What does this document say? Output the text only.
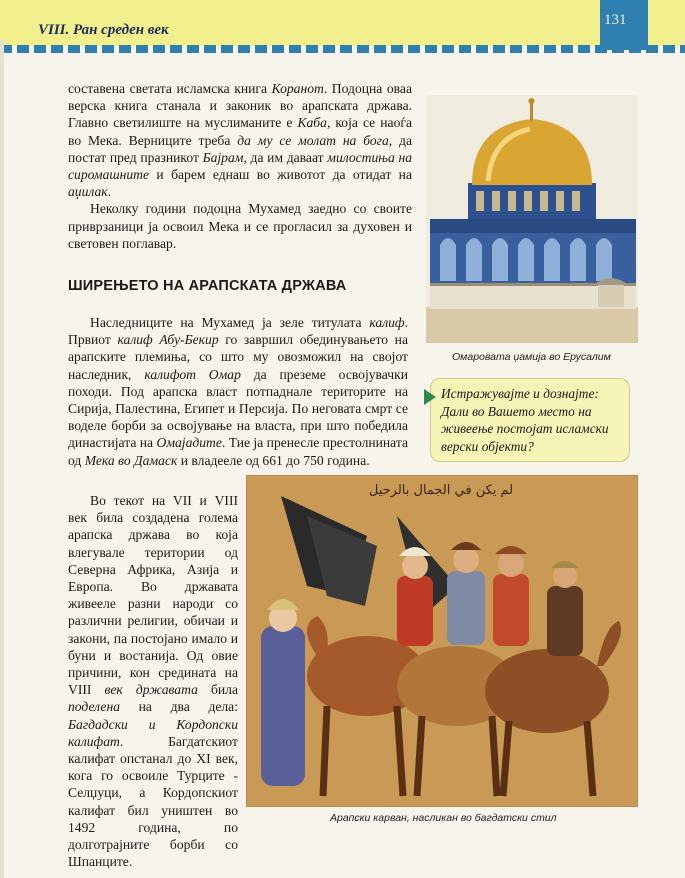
VIII. Ран среден век
131

составена светата исламска книга Коранот. Подоцна оваа верска книга станала и законик во арапската држава. Главно светилиште на муслиманите е Каба, која се наоѓа во Мека. Верниците треба да му се молат на бога, да постат пред празникот Бајрам, да им даваат милостиња на сиромашните и барем еднаш во животот да отидат на аџилак.

Неколку години подоцна Мухамед заедно со своите приврзаници ја освоил Мека и се прогласил за духовен и световен поглавар.

ШИРЕЊЕТО НА АРАПСКАТА ДРЖАВА

Наследниците на Мухамед ја зеле титулата калиф. Првиот калиф Абу-Бекир го завршил обединувањето на арапските племиња, со што му овозможил на својот наследник, калифот Омар да преземе освојувачки походи. Под арапска власт потпаднале територите на Сирија, Палестина, Египет и Персија. По неговата смрт се воделе борби за освојување на власта, при што победила династијата на Омајадите. Тие ја пренесле престолнината од Мека во Дамаск и владееле од 661 до 750 година.

Во текот на VII и VIII век била создадена голема арапска држава во која влегувале територии од Северна Африка, Азија и Европа. Во државата живееле разни народи со различни религии, обичаи и закони, па постојано имало и буни и востанија. Од овие причини, кон средината на VIII век државата била поделена на два дела: Багдадски и Кордопски калифат. Багдатскиот калифат опстанал до XI век, кога го освоиле Турците - Селџуци, а Кордопскиот калифат бил уништен во 1492 година, по долготрајните борби со Шпанците.

Омаровата џамија во Ерусалим
Истражувајте и дознајте: Дали во Вашето место на живеење постојат исламски верски објекти?
لم يكن في الجمال بالرحيل
Арапски карван, насликан во багдатски стил
